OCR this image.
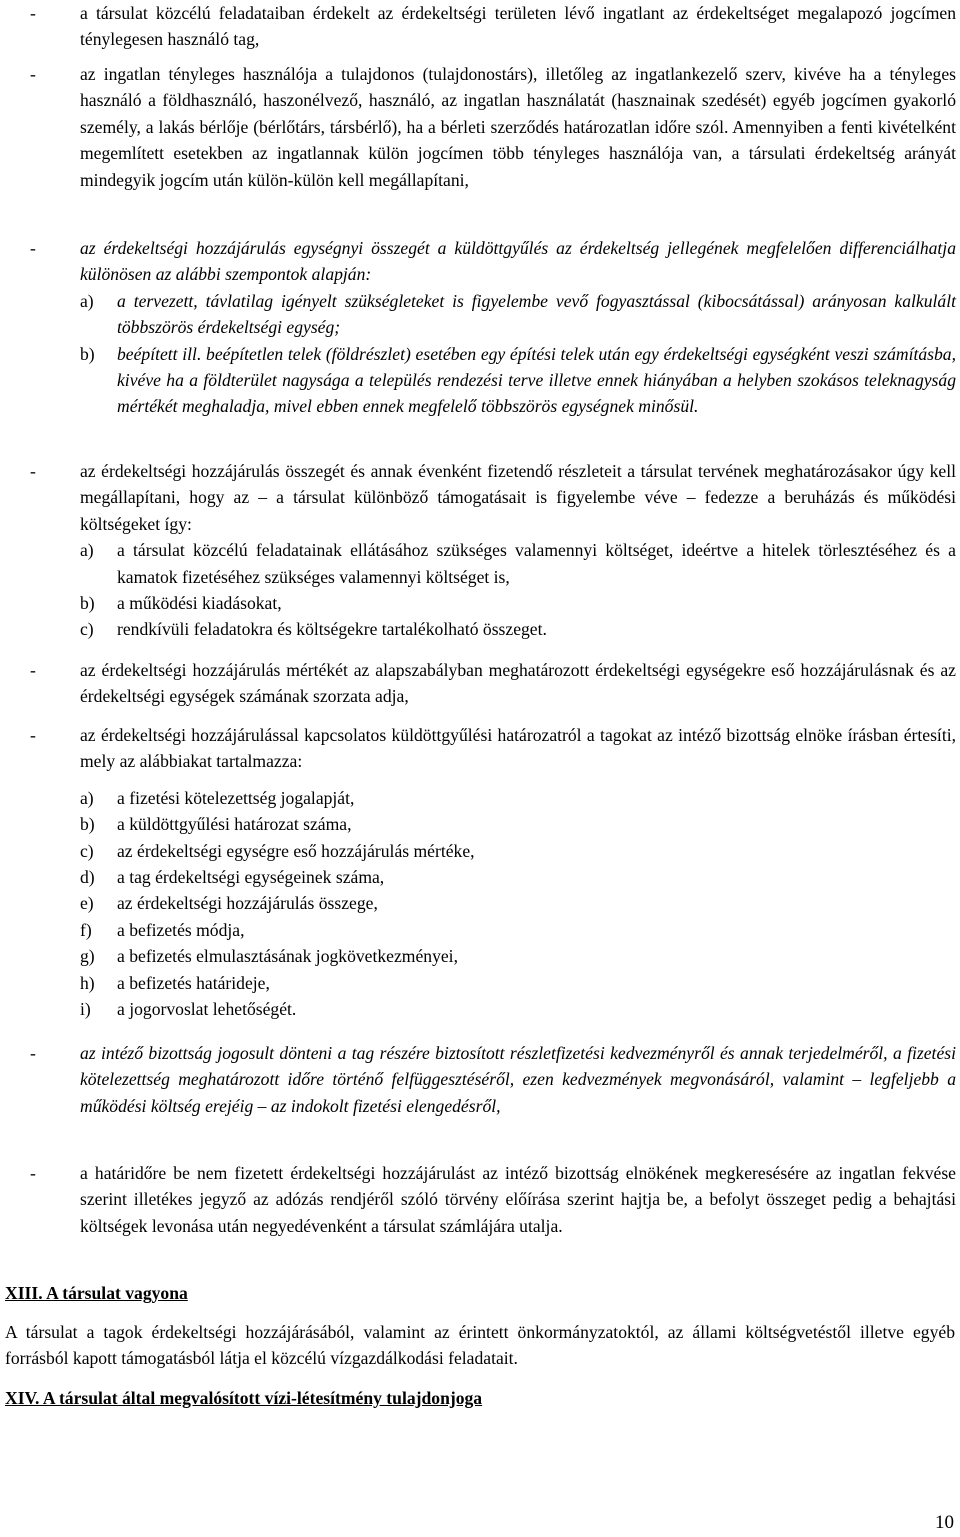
-	a társulat közcélú feladataiban érdekelt az érdekeltségi területen lévő ingatlant az érdekeltséget megalapozó jogcímen ténylegesen használó tag,
-	az ingatlan tényleges használója a tulajdonos (tulajdonostárs), illetőleg az ingatlankezelő szerv, kivéve ha a tényleges használó a földhasználó, haszonélvező, használó, az ingatlan használatát (hasznainak szedését) egyéb jogcímen gyakorló személy, a lakás bérlője (bérlőtárs, társbérlő), ha a bérleti szerződés határozatlan időre szól. Amennyiben a fenti kivételként megemlített esetekben az ingatlannak külön jogcímen több tényleges használója van, a társulati érdekeltség arányát mindegyik jogcím után külön-külön kell megállapítani,
-	az érdekeltségi hozzájárulás egységnyi összegét a küldöttgyűlés az érdekeltség jellegének megfelelően differenciálhatja különösen az alábbi szempontok alapján:
a) a tervezett, távlatilag igényelt szükségleteket is figyelembe vevő fogyasztással (kibocsátással) arányosan kalkulált többszörös érdekeltségi egység;
b) beépített ill. beépítetlen telek (földrészlet) esetében egy építési telek után egy érdekeltségi egységként veszi számításba, kivéve ha a földterület nagysága a település rendezési terve illetve ennek hiányában a helyben szokásos teleknagyság mértékét meghaladja, mivel ebben ennek megfelelő többszörös egységnek minősül.
-	az érdekeltségi hozzájárulás összegét és annak évenként fizetendő részleteit a társulat tervének meghatározásakor úgy kell megállapítani, hogy az – a társulat különböző támogatásait is figyelembe véve – fedezze a beruházás és működési költségeket így:
a) a társulat közcélú feladatainak ellátásához szükséges valamennyi költséget, ideértve a hitelek törlesztéséhez és a kamatok fizetéséhez szükséges valamennyi költséget is,
b) a működési kiadásokat,
c) rendkívüli feladatokra és költségekre tartalékolható összeget.
-	az érdekeltségi hozzájárulás mértékét az alapszabályban meghatározott érdekeltségi egységekre eső hozzájárulásnak és az érdekeltségi egységek számának szorzata adja,
-	az érdekeltségi hozzájárulással kapcsolatos küldöttgyűlési határozatról a tagokat az intéző bizottság elnöke írásban értesíti, mely az alábbiakat tartalmazza:
a) a fizetési kötelezettség jogalapját,
b) a küldöttgyűlési határozat száma,
c) az érdekeltségi egységre eső hozzájárulás mértéke,
d) a tag érdekeltségi egységeinek száma,
e) az érdekeltségi hozzájárulás összege,
f) a befizetés módja,
g) a befizetés elmulasztásának jogkövetkezményei,
h) a befizetés határideje,
i) a jogorvoslat lehetőségét.
-	az intéző bizottság jogosult dönteni a tag részére biztosított részletfizetési kedvezményről és annak terjedelméről, a fizetési kötelezettség meghatározott időre történő felfüggesztéséről, ezen kedvezmények megvonásáról, valamint – legfeljebb a működési költség erejéig – az indokolt fizetési elengedésről,
-	a határidőre be nem fizetett érdekeltségi hozzájárulást az intéző bizottság elnökének megkeresésére az ingatlan fekvése szerint illetékes jegyző az adózás rendjéről szóló törvény előírása szerint hajtja be, a befolyt összeget pedig a behajtási költségek levonása után negyedévenként a társulat számlájára utalja.
XIII. A társulat vagyona
A társulat a tagok érdekeltségi hozzájárásából, valamint az érintett önkormányzatoktól, az állami költségvetéstől illetve egyéb forrásból kapott támogatásból látja el közcélú vízgazdálkodási feladatait.
XIV. A társulat által megvalósított vízi-létesítmény tulajdonjoga
10
